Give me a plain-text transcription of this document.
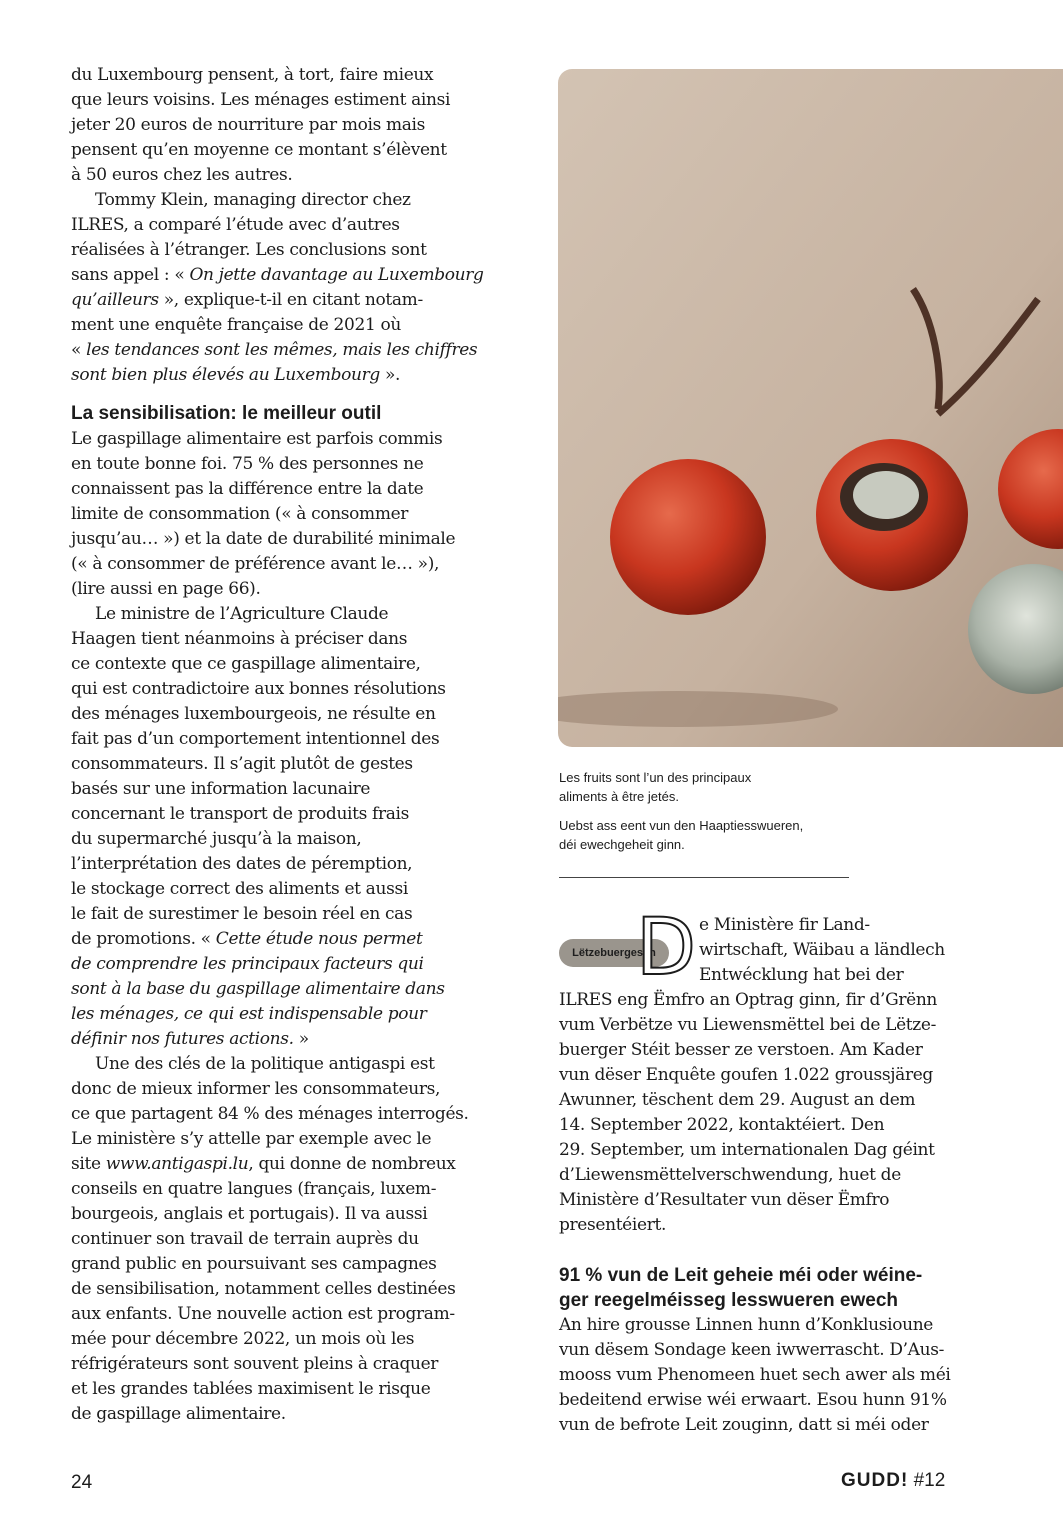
du Luxembourg pensent, à tort, faire mieux
que leurs voisins. Les ménages estiment ainsi
jeter 20 euros de nourriture par mois mais
pensent qu’en moyenne ce montant s’élèvent
à 50 euros chez les autres.
Tommy Klein, managing director chez
ILRES, a comparé l’étude avec d’autres
réalisées à l’étranger. Les conclusions sont
sans appel : « On jette davantage au Luxembourg
qu’ailleurs », explique-t-il en citant notam-
ment une enquête française de 2021 où
« les tendances sont les mêmes, mais les chiffres
sont bien plus élevés au Luxembourg ».
La sensibilisation: le meilleur outil
Le gaspillage alimentaire est parfois commis
en toute bonne foi. 75 % des personnes ne
connaissent pas la différence entre la date
limite de consommation (« à consommer
jusqu’au… ») et la date de durabilité minimale
(« à consommer de préférence avant le… »),
(lire aussi en page 66).
Le ministre de l’Agriculture Claude
Haagen tient néanmoins à préciser dans
ce contexte que ce gaspillage alimentaire,
qui est contradictoire aux bonnes résolutions
des ménages luxembourgeois, ne résulte en
fait pas d’un comportement intentionnel des
consommateurs. Il s’agit plutôt de gestes
basés sur une information lacunaire
concernant le transport de produits frais
du supermarché jusqu’à la maison,
l’interprétation des dates de péremption,
le stockage correct des aliments et aussi
le fait de surestimer le besoin réel en cas
de promotions. « Cette étude nous permet
de comprendre les principaux facteurs qui
sont à la base du gaspillage alimentaire dans
les ménages, ce qui est indispensable pour
définir nos futures actions. »
Une des clés de la politique antigaspi est
donc de mieux informer les consommateurs,
ce que partagent 84 % des ménages interrogés.
Le ministère s’y attelle par exemple avec le
site www.antigaspi.lu, qui donne de nombreux
conseils en quatre langues (français, luxem-
bourgeois, anglais et portugais). Il va aussi
continuer son travail de terrain auprès du
grand public en poursuivant ses campagnes
de sensibilisation, notamment celles destinées
aux enfants. Une nouvelle action est program-
mée pour décembre 2022, un mois où les
réfrigérateurs sont souvent pleins à craquer
et les grandes tablées maximisent le risque
de gaspillage alimentaire.
Les fruits sont l’un des principaux
aliments à être jetés.
Uebst ass eent vun den Haaptiesswueren,
déi ewechgeheit ginn.
Lëtzebuergesch
D e Ministère fir Land-
wirtschaft, Wäibau a ländlech
Entwécklung hat bei der
ILRES eng Ëmfro an Optrag ginn, fir d’Grënn
vum Verbëtze vu Liewensmëttel bei de Lëtze-
buerger Stéit besser ze verstoen. Am Kader
vun dëser Enquête goufen 1.022 groussjäreg
Awunner, tëschent dem 29. August an dem
14. September 2022, kontaktéiert. Den
29. September, um internationalen Dag géint
d’Liewensmëttelverschwendung, huet de
Ministère d’Resultater vun dëser Ëmfro
presentéiert.
91 % vun de Leit geheie méi oder wéine-
ger reegelméisseg lesswueren ewech
An hire grousse Linnen hunn d’Konklusioune
vun dësem Sondage keen iwwerrascht. D’Aus-
mooss vum Phenomeen huet sech awer als méi
bedeitend erwise wéi erwaart. Esou hunn 91%
vun de befrote Leit zouginn, datt si méi oder
24	GUDD! #12
